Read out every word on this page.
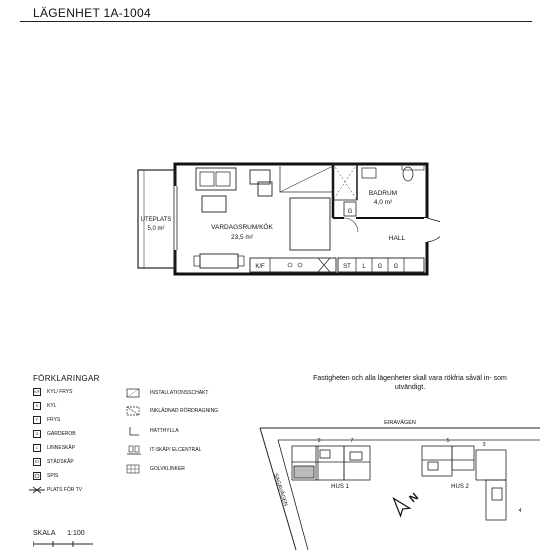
LÄGENHET 1A-1004
UTEPLATS
5,0 m²	VARDAGSRUM/KÖK
23,5 m²
BADRUM
4,0 m²
HALL
G
K/F	ST L G G
FÖRKLARINGAR
K/F KYL/ FRYS
K	KYL
F	FRYS
G	GARDEROB
L	LINNESKÅP
ST	STÄDSKÅP
SPIS
PLATS FÖR TV
INSTALLATIONSSCHAKT
INKLÄDNAD RÖRDRAGNING
HATTHYLLA
IT-SKÅP/ ELCENTRAL
GOLVKLINKER
Fastigheten och alla lägenheter skall vara rökfria såväl in- som utvändigt.
9	7	5
3
4
EIRAVÄGEN
SAGAVÄGEN	HUS 1	HUS 2
N
SKALA 1:100
